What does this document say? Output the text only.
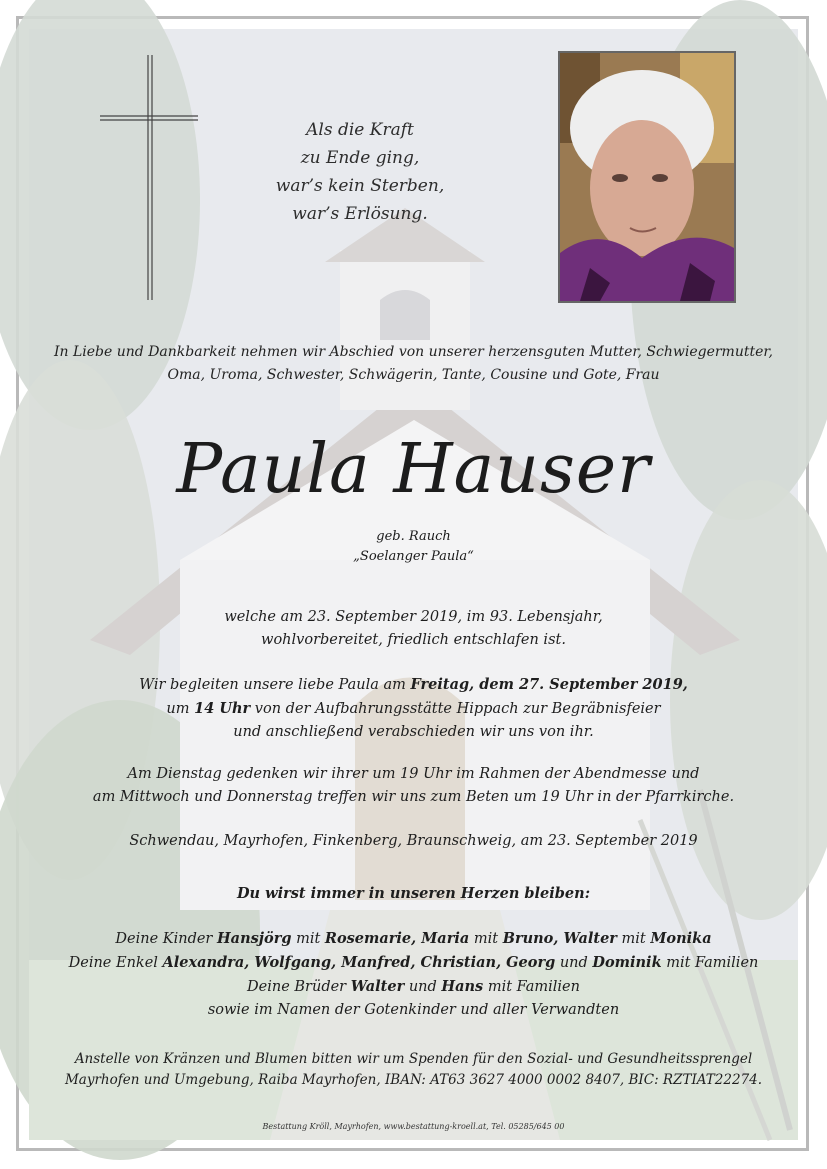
Als die Kraft
zu Ende ging,
war’s kein Sterben,
war’s Erlösung.
In Liebe und Dankbarkeit nehmen wir Abschied von unserer herzensguten Mutter, Schwiegermutter,
Oma, Uroma, Schwester, Schwägerin, Tante, Cousine und Gote, Frau
Paula Hauser
geb. Rauch
„Soelanger Paula“
welche am 23. September 2019, im 93. Lebensjahr,
wohlvorbereitet, friedlich entschlafen ist.
Wir begleiten unsere liebe Paula am Freitag, dem 27. September 2019,
um 14 Uhr von der Aufbahrungsstätte Hippach zur Begräbnisfeier
und anschließend verabschieden wir uns von ihr.
Am Dienstag gedenken wir ihrer um 19 Uhr im Rahmen der Abendmesse und
am Mittwoch und Donnerstag treffen wir uns zum Beten um 19 Uhr in der Pfarrkirche.
Schwendau, Mayrhofen, Finkenberg, Braunschweig, am 23. September 2019
Du wirst immer in unseren Herzen bleiben:
Deine Kinder Hansjörg mit Rosemarie, Maria mit Bruno, Walter mit Monika
Deine Enkel Alexandra, Wolfgang, Manfred, Christian, Georg und Dominik mit Familien
Deine Brüder Walter und Hans mit Familien
sowie im Namen der Gotenkinder und aller Verwandten
Anstelle von Kränzen und Blumen bitten wir um Spenden für den Sozial- und Gesundheitssprengel
Mayrhofen und Umgebung, Raiba Mayrhofen, IBAN: AT63 3627 4000 0002 8407, BIC: RZTIAT22274.
Bestattung Kröll, Mayrhofen, www.bestattung-kroell.at, Tel. 05285/645 00
